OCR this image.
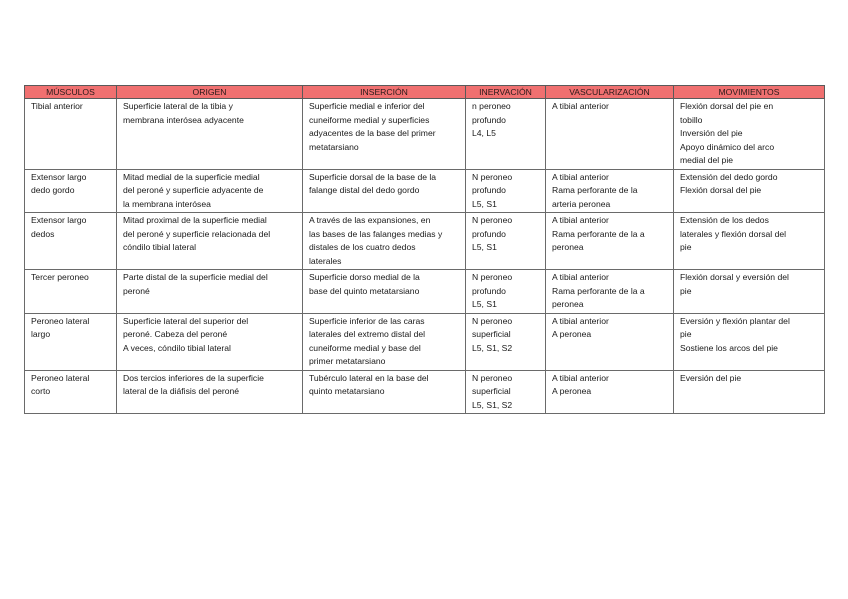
MÚSCULOS	ORIGEN	INSERCIÓN	INERVACIÓN	VASCULARIZACIÓN	MOVIMIENTOS

Tibial anterior	Superficie lateral de la tibia y
membrana interósea adyacente	Superficie medial e inferior del
cuneiforme medial y superficies
adyacentes de la base del primer
metatarsiano	n peroneo
profundo
L4, L5	A tibial anterior	Flexión dorsal del pie en
tobillo
Inversión del pie
Apoyo dinámico del arco
medial del pie

Extensor largo
dedo gordo	Mitad medial de la superficie medial
del peroné y superficie adyacente de
la membrana interósea	Superficie dorsal de la base de la
falange distal del dedo gordo	N peroneo
profundo
L5, S1	A tibial anterior
Rama perforante de la
arteria peronea	Extensión del dedo gordo
Flexión dorsal del pie

Extensor largo
dedos	Mitad proximal de la superficie medial
del peroné y superficie relacionada del
cóndilo tibial lateral	A través de las expansiones, en
las bases de las falanges medias y
distales de los cuatro dedos
laterales	N peroneo
profundo
L5, S1	A tibial anterior
Rama perforante de la a
peronea	Extensión de los dedos
laterales y flexión dorsal del
pie

Tercer peroneo	Parte distal de la superficie medial del
peroné	Superficie dorso medial de la
base del quinto metatarsiano	N peroneo
profundo
L5, S1	A tibial anterior
Rama perforante de la a
peronea	Flexión dorsal y eversión del
pie

Peroneo lateral
largo	Superficie lateral del superior del
peroné. Cabeza del peroné
A veces, cóndilo tibial lateral	Superficie inferior de las caras
laterales del extremo distal del
cuneiforme medial y base del
primer metatarsiano	N peroneo
superficial
L5, S1, S2	A tibial anterior
A peronea	Eversión y flexión plantar del
pie
Sostiene los arcos del pie

Peroneo lateral
corto	Dos tercios inferiores de la superficie
lateral de la diáfisis del peroné	Tubérculo lateral en la base del
quinto metatarsiano	N peroneo
superficial
L5, S1, S2	A tibial anterior
A peronea	Eversión del pie
